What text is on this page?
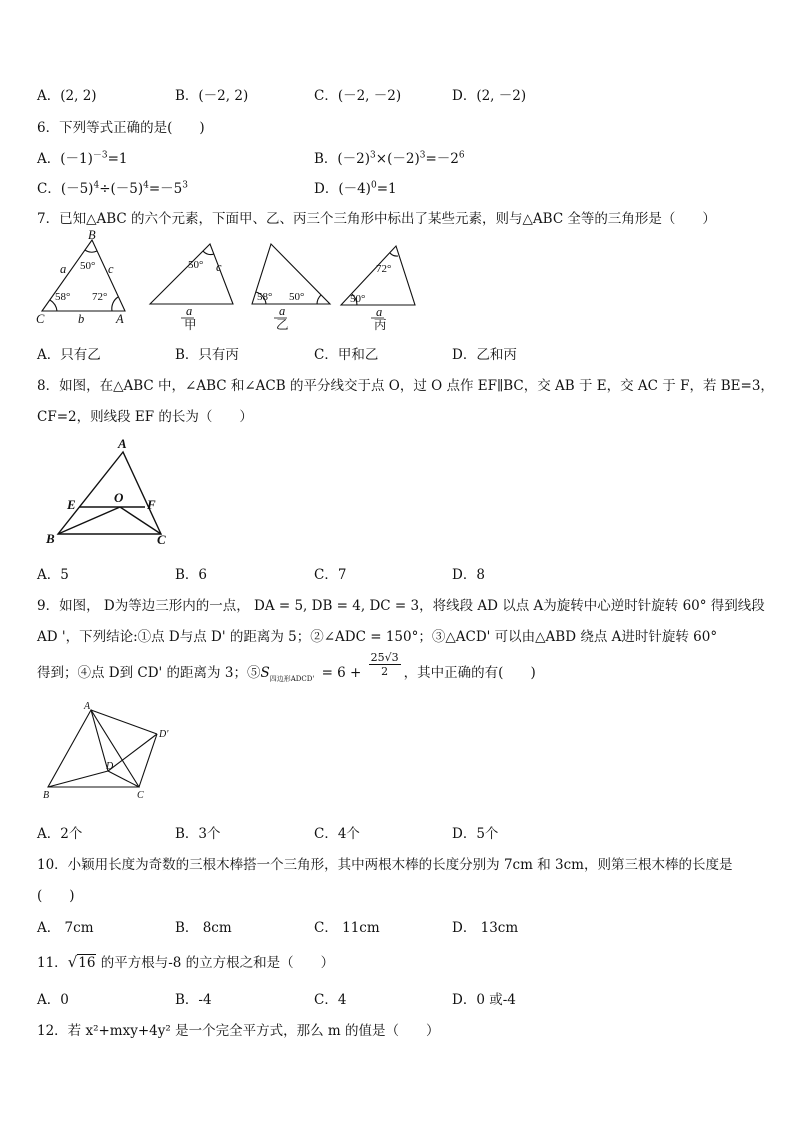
A．(2, 2)	B．(－2, 2)	C．(－2, －2)	D．(2, －2)
6．下列等式正确的是(　　)
A．$(-1)^{-3}=1$	B．$(-2)^3\times(-2)^3=-2^6$
C．$(-5)^4\div(-5)^4=-5^3$	D．$(-4)^0=1$
7．已知△ABC 的六个元素，下面甲、乙、丙三个三角形中标出了某些元素，则与△ABC 全等的三角形是（　　）
B
a	c
50°
58° 72°
C	b	A
50° c
a
甲
58° 50°
a
乙
72°
50°
a
丙
A．只有乙	B．只有丙	C．甲和乙	D．乙和丙
8．如图，在△ABC 中，∠ABC 和∠ACB 的平分线交于点 O，过 O 点作 EF∥BC，交 AB 于 E，交 AC 于 F，若 BE=3，
CF=2，则线段 EF 的长为（　　）
A
E	O F
B	C
A．5	B．6	C．7	D．8
9．如图， D为等边三形内的一点， DA = 5, DB = 4, DC = 3，将线段 AD 以点 A为旋转中心逆时针旋转 60° 得到线段
AD '，下列结论:①点 D与点 D' 的距离为 5；②∠ADC = 150°；③△ACD' 可以由△ABD 绕点 A进时针旋转 60°
得到；④点 D到 CD' 的距离为 3；$⑤S_{四边形ADCD'} = 6 + \frac{25√3}{2}$ ，其中正确的有(　　)
A
D'
D
B	C
A．2个	B．3个	C．4个	D．5个
10．小颖用长度为奇数的三根木棒搭一个三角形，其中两根木棒的长度分别为 7cm 和 3cm，则第三根木棒的长度是
(　　)
A． 7cm	B． 8cm	C． 11cm	D． 13cm
11．√16 的平方根与-8 的立方根之和是（　　）
A．0	B．-4	C．4	D．0 或-4
12．若 x²+mxy+4y² 是一个完全平方式，那么 m 的值是（　　）
